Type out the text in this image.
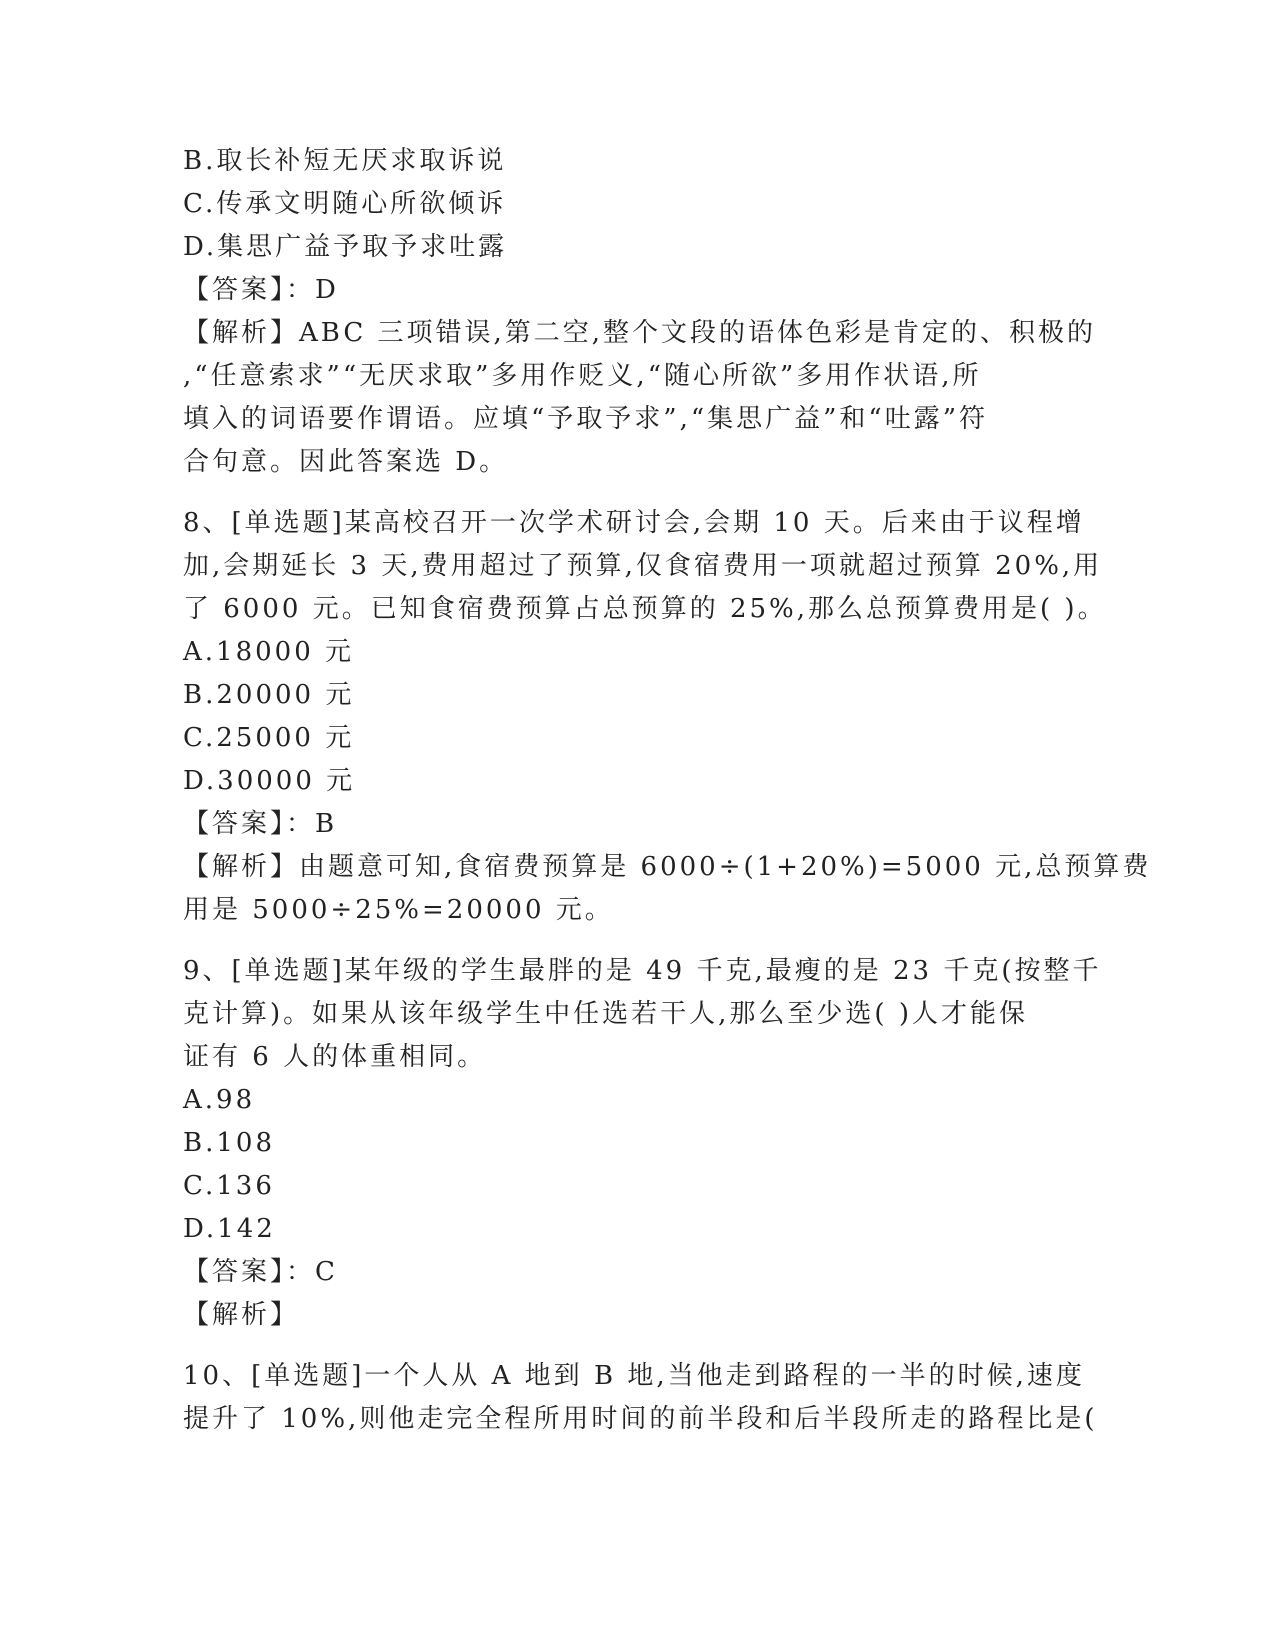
B.取长补短无厌求取诉说
C.传承文明随心所欲倾诉
D.集思广益予取予求吐露
【答案】：D
【解析】ABC 三项错误,第二空,整个文段的语体色彩是肯定的、积极的
,“任意索求”“无厌求取”多用作贬义,“随心所欲”多用作状语,所
填入的词语要作谓语。应填“予取予求”,“集思广益”和“吐露”符
合句意。因此答案选 D。
8、[单选题]某高校召开一次学术研讨会,会期 10 天。后来由于议程增
加,会期延长 3 天,费用超过了预算,仅食宿费用一项就超过预算 20%,用
了 6000 元。已知食宿费预算占总预算的 25%,那么总预算费用是( )。
A.18000 元
B.20000 元
C.25000 元
D.30000 元
【答案】：B
【解析】由题意可知,食宿费预算是 6000÷(1+20%)=5000 元,总预算费
用是 5000÷25%=20000 元。
9、[单选题]某年级的学生最胖的是 49 千克,最瘦的是 23 千克(按整千
克计算)。如果从该年级学生中任选若干人,那么至少选( )人才能保
证有 6 人的体重相同。
A.98
B.108
C.136
D.142
【答案】：C
【解析】
10、[单选题]一个人从 A 地到 B 地,当他走到路程的一半的时候,速度
提升了 10%,则他走完全程所用时间的前半段和后半段所走的路程比是(
